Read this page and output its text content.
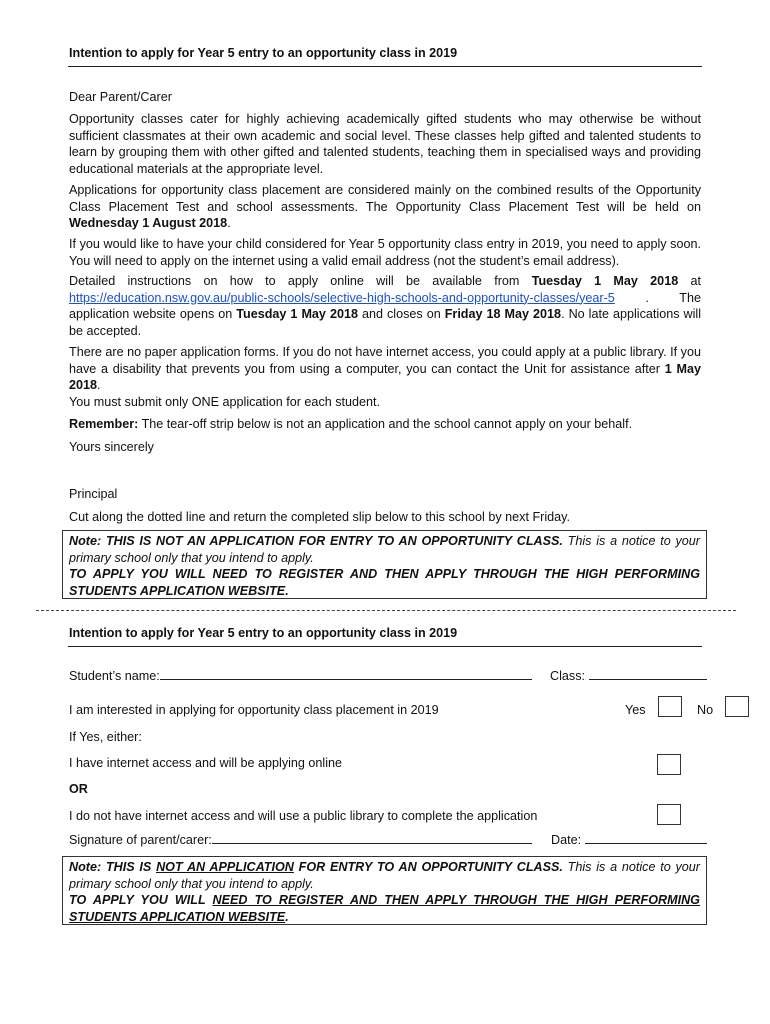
Intention to apply for Year 5 entry to an opportunity class in 2019
Dear Parent/Carer

Opportunity classes cater for highly achieving academically gifted students who may otherwise be without sufficient classmates at their own academic and social level. These classes help gifted and talented students to learn by grouping them with other gifted and talented students, teaching them in specialised ways and providing educational materials at the appropriate level.

Applications for opportunity class placement are considered mainly on the combined results of the Opportunity Class Placement Test and school assessments. The Opportunity Class Placement Test will be held on Wednesday 1 August 2018.

If you would like to have your child considered for Year 5 opportunity class entry in 2019, you need to apply soon. You will need to apply on the internet using a valid email address (not the student’s email address).

Detailed instructions on how to apply online will be available from Tuesday 1 May 2018 at https://education.nsw.gov.au/public-schools/selective-high-schools-and-opportunity-classes/year-5 . The application website opens on Tuesday 1 May 2018 and closes on Friday 18 May 2018. No late applications will be accepted.

There are no paper application forms. If you do not have internet access, you could apply at a public library. If you have a disability that prevents you from using a computer, you can contact the Unit for assistance after 1 May 2018.
You must submit only ONE application for each student.

Remember: The tear-off strip below is not an application and the school cannot apply on your behalf.

Yours sincerely
Principal
Cut along the dotted line and return the completed slip below to this school by next Friday.

Note: THIS IS NOT AN APPLICATION FOR ENTRY TO AN OPPORTUNITY CLASS. This is a notice to your primary school only that you intend to apply.

TO APPLY YOU WILL NEED TO REGISTER AND THEN APPLY THROUGH THE HIGH PERFORMING STUDENTS APPLICATION WEBSITE.

Intention to apply for Year 5 entry to an opportunity class in 2019
Student’s name:	Class:
I am interested in applying for opportunity class placement in 2019	Yes	No
If Yes, either:
I have internet access and will be applying online
OR
I do not have internet access and will use a public library to complete the application
Signature of parent/carer:	Date:

Note: THIS IS NOT AN APPLICATION FOR ENTRY TO AN OPPORTUNITY CLASS. This is a notice to your primary school only that you intend to apply.

TO APPLY YOU WILL NEED TO REGISTER AND THEN APPLY THROUGH THE HIGH PERFORMING STUDENTS APPLICATION WEBSITE.
